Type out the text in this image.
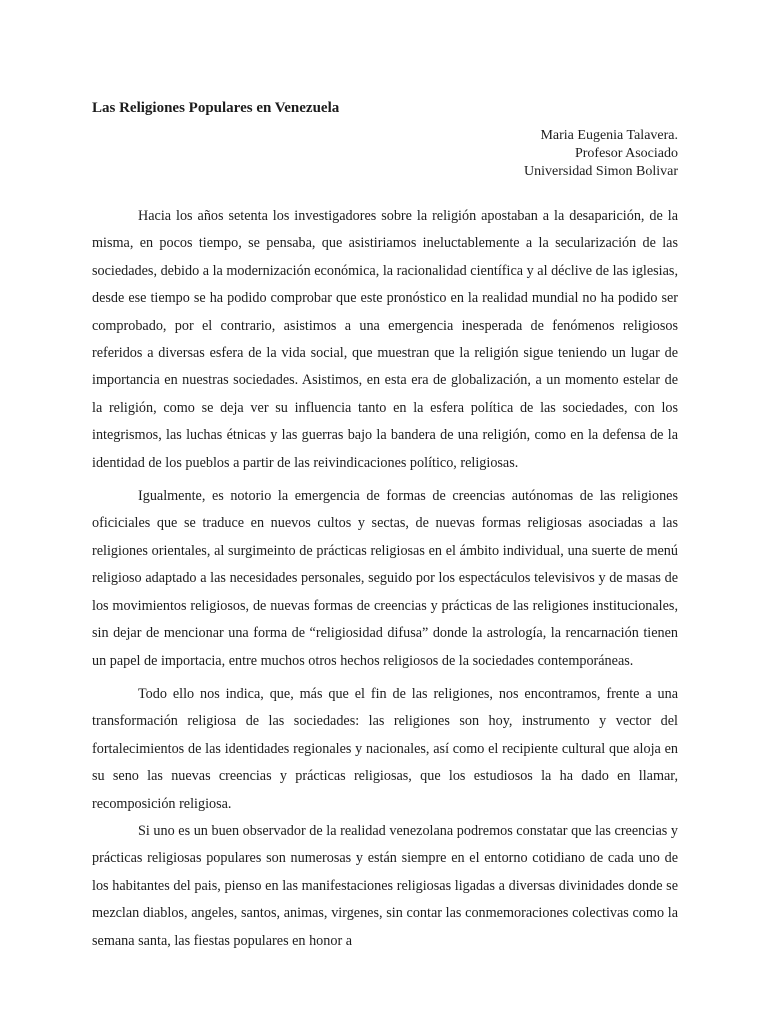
Las Religiones Populares en Venezuela
Maria Eugenia Talavera.
Profesor Asociado
Universidad Simon Bolivar

Hacia los años setenta los investigadores sobre la religión apostaban a la desaparición, de la misma, en pocos tiempo, se pensaba, que asistiriamos ineluctablemente a la secularización de las sociedades, debido a la modernización económica, la racionalidad científica y al déclive de las iglesias, desde ese tiempo se ha podido comprobar que este pronóstico en la realidad mundial no ha podido ser comprobado, por el contrario, asistimos a una emergencia inesperada de fenómenos religiosos referidos a diversas esfera de la vida social, que muestran que la religión sigue teniendo un lugar de importancia en nuestras sociedades. Asistimos, en esta era de globalización, a un momento estelar de la religión, como se deja ver su influencia tanto en la esfera política de las sociedades, con los integrismos, las luchas étnicas y las guerras bajo la bandera de una religión, como en la defensa de la identidad de los pueblos a partir de las reivindicaciones político, religiosas.

Igualmente, es notorio la emergencia de formas de creencias autónomas de las religiones oficiciales que se traduce en nuevos cultos y sectas, de nuevas formas religiosas asociadas a las religiones orientales, al surgimeinto de prácticas religiosas en el ámbito individual, una suerte de menú religioso adaptado a las necesidades personales, seguido por los espectáculos televisivos y de masas de los movimientos religiosos, de nuevas formas de creencias y prácticas de las religiones institucionales, sin dejar de mencionar una forma de “religiosidad difusa” donde la astrología, la rencarnación tienen un papel de importacia, entre muchos otros hechos religiosos de la sociedades contemporáneas.

Todo ello nos indica, que, más que el fin de las religiones, nos encontramos, frente a una transformación religiosa de las sociedades: las religiones son hoy, instrumento y vector del fortalecimientos de las identidades regionales y nacionales, así como el recipiente cultural que aloja en su seno las nuevas creencias y prácticas religiosas, que los estudiosos la ha dado en llamar, recomposición religiosa.

Si uno es un buen observador de la realidad venezolana podremos constatar que las creencias y prácticas religiosas populares son numerosas y están siempre en el entorno cotidiano de cada uno de los habitantes del pais, pienso en las manifestaciones religiosas ligadas a diversas divinidades donde se mezclan diablos, angeles, santos, animas, virgenes, sin contar las conmemoraciones colectivas como la semana santa, las fiestas populares en honor a
